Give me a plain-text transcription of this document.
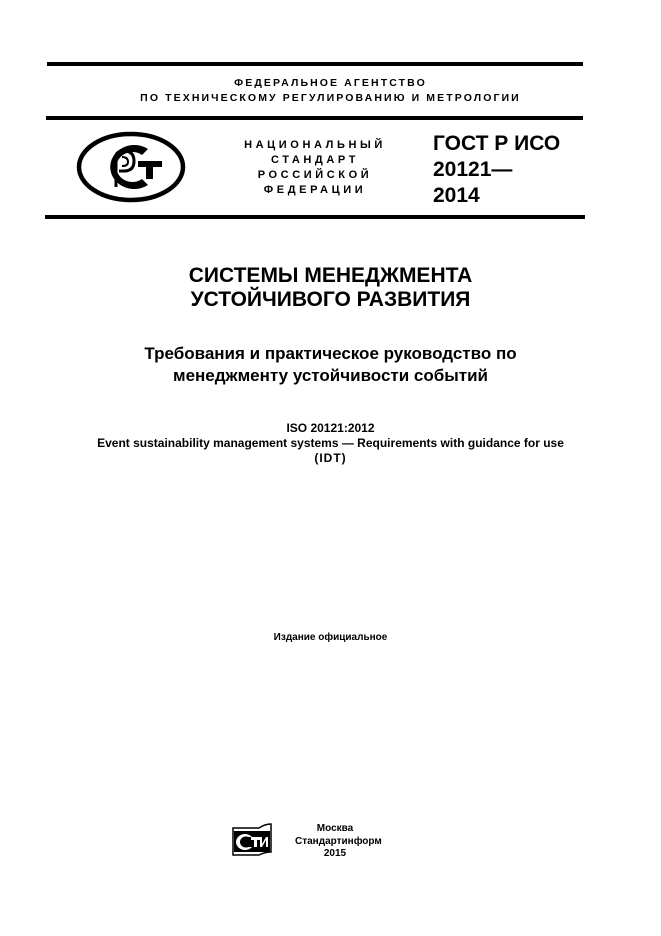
ФЕДЕРАЛЬНОЕ АГЕНТСТВО
ПО ТЕХНИЧЕСКОМУ РЕГУЛИРОВАНИЮ И МЕТРОЛОГИИ
НАЦИОНАЛЬНЫЙ
СТАНДАРТ
РОССИЙСКОЙ
ФЕДЕРАЦИИ
ГОСТ Р ИСО
20121—
2014
СИСТЕМЫ МЕНЕДЖМЕНТА
УСТОЙЧИВОГО РАЗВИТИЯ
Требования и практическое руководство по
менеджменту устойчивости событий
ISO 20121:2012
Event sustainability management systems — Requirements with guidance for use
(IDT)
Издание официальное
Москва
Стандартинформ
2015
